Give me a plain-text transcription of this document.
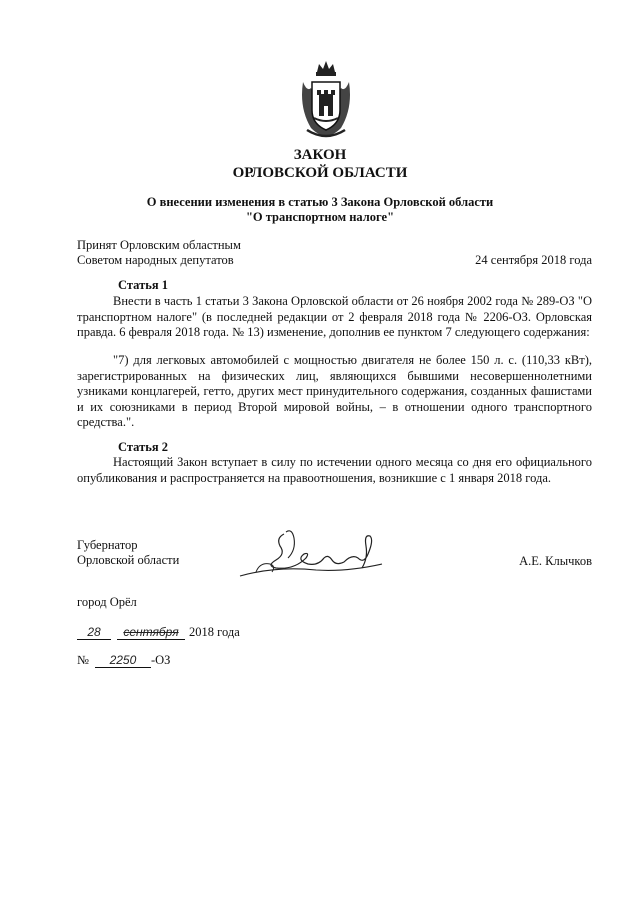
ЗАКОН
ОРЛОВСКОЙ ОБЛАСТИ
О внесении изменения в статью 3 Закона Орловской области
"О транспортном налоге"
Принят Орловским областным
Советом народных депутатов	24 сентября 2018 года
Статья 1
Внести в часть 1 статьи 3 Закона Орловской области от 26 ноября 2002 года № 289-ОЗ "О транспортном налоге" (в последней редакции от 2 февраля 2018 года № 2206-ОЗ. Орловская правда. 6 февраля 2018 года. № 13) изменение, дополнив ее пунктом 7 следующего содержания:
"7) для легковых автомобилей с мощностью двигателя не более 150 л. с. (110,33 кВт), зарегистрированных на физических лиц, являющихся бывшими несовершеннолетними узниками концлагерей, гетто, других мест принудительного содержания, созданных фашистами и их союзниками в период Второй мировой войны, – в отношении одного транспортного средства.".
Статья 2
Настоящий Закон вступает в силу по истечении одного месяца со дня его официального опубликования и распространяется на правоотношения, возникшие с 1 января 2018 года.
Губернатор
Орловской области	А.Е. Клычков
город Орёл
28 сентября 2018 года
№ 2250 -ОЗ
